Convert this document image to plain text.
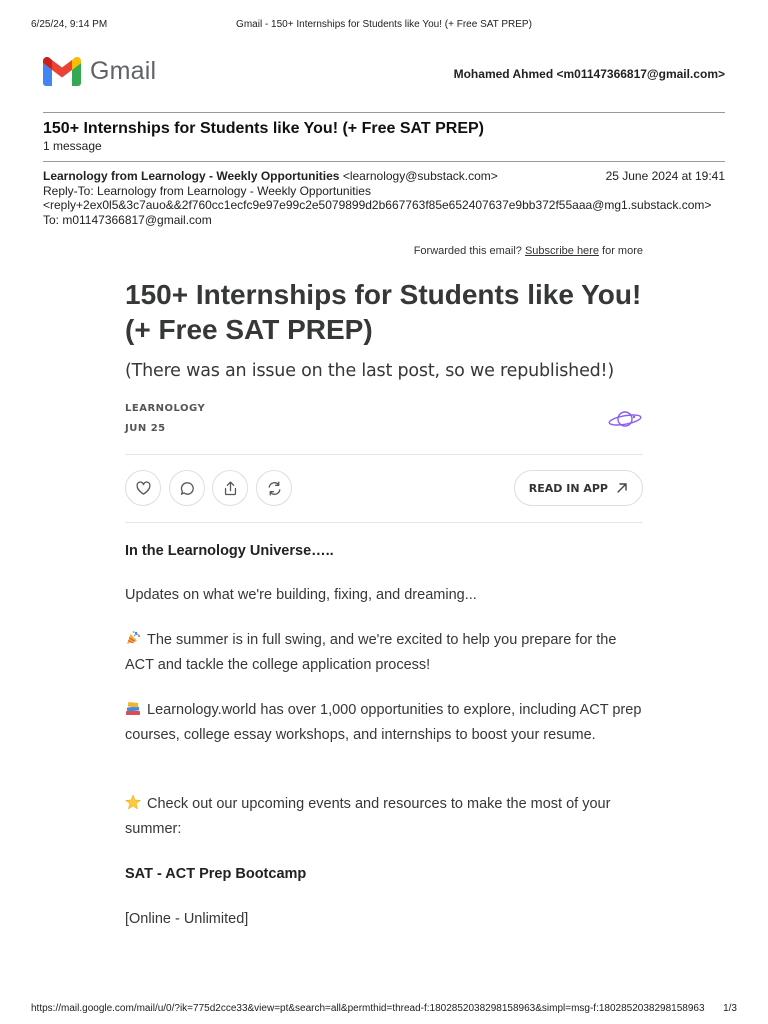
6/25/24, 9:14 PM	Gmail - 150+ Internships for Students like You! (+ Free SAT PREP)
Gmail	Mohamed Ahmed <m01147366817@gmail.com>
150+ Internships for Students like You! (+ Free SAT PREP)
1 message
Learnology from Learnology - Weekly Opportunities <learnology@substack.com>	25 June 2024 at 19:41
Reply-To: Learnology from Learnology - Weekly Opportunities
<reply+2ex0l5&3c7auo&&2f760cc1ecfc9e97e99c2e5079899d2b667763f85e652407637e9bb372f55aaa@mg1.substack.com>
To: m01147366817@gmail.com
Forwarded this email? Subscribe here for more
150+ Internships for Students like You! (+ Free SAT PREP)
(There was an issue on the last post, so we republished!)
LEARNOLOGY
JUN 25
READ IN APP
In the Learnology Universe…..
Updates on what we're building, fixing, and dreaming...
The summer is in full swing, and we're excited to help you prepare for the ACT and tackle the college application process!
Learnology.world has over 1,000 opportunities to explore, including ACT prep courses, college essay workshops, and internships to boost your resume.
Check out our upcoming events and resources to make the most of your summer:
SAT - ACT Prep Bootcamp
[Online - Unlimited]
https://mail.google.com/mail/u/0/?ik=775d2cce33&view=pt&search=all&permthid=thread-f:1802852038298158963&simpl=msg-f:1802852038298158963 1/3
